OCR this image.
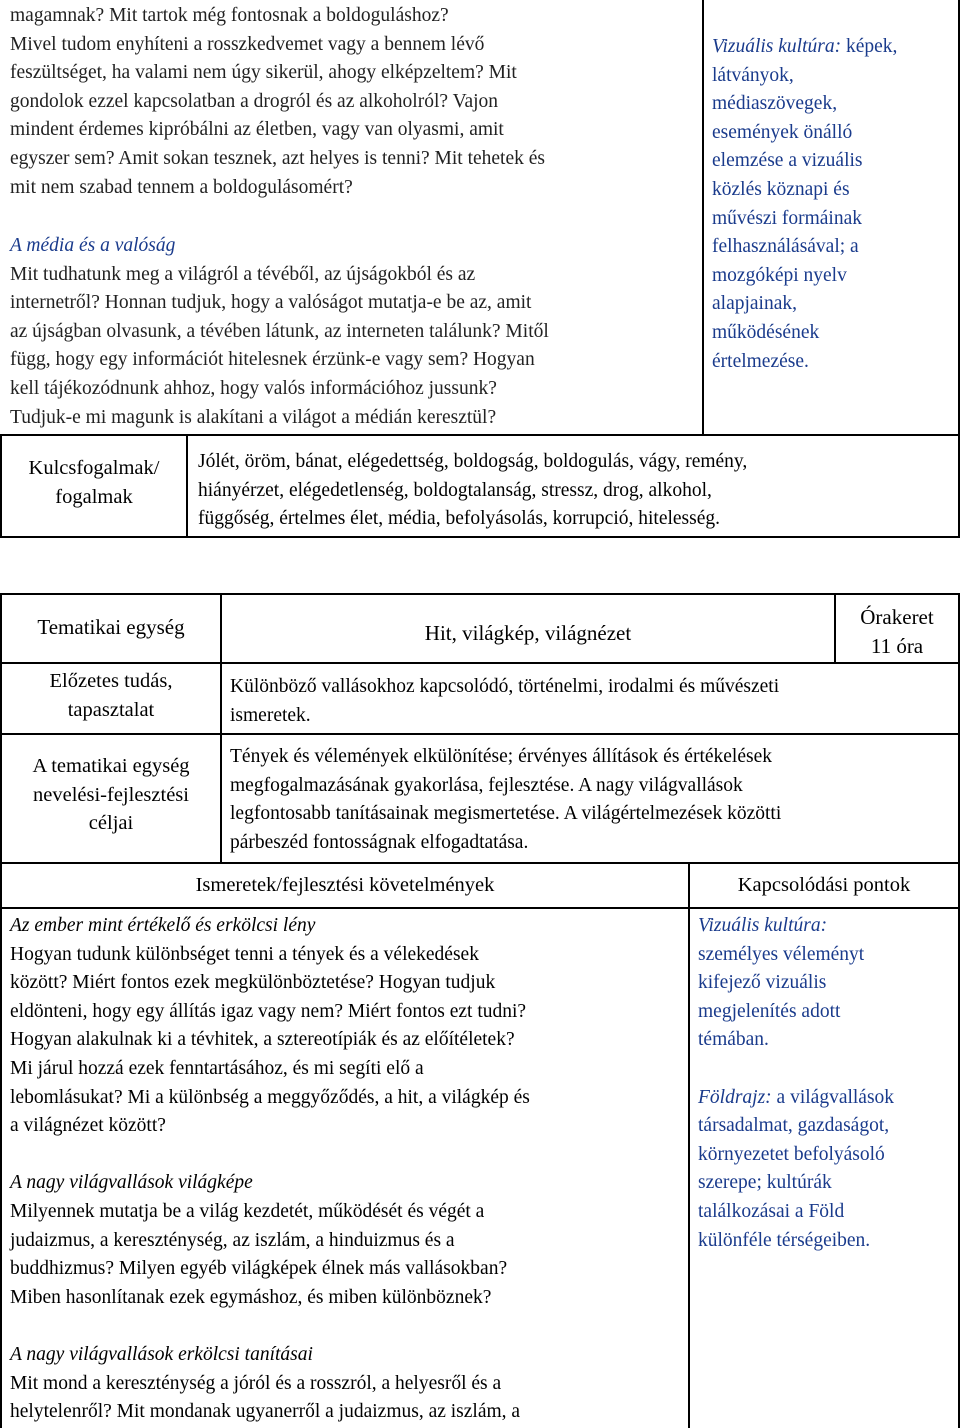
magamnak? Mit tartok még fontosnak a boldoguláshoz?

Mivel tudom enyhíteni a rosszkedvemet vagy a bennem lévő

feszültséget, ha valami nem úgy sikerül, ahogy elképzeltem? Mit

gondolok ezzel kapcsolatban a drogról és az alkoholról? Vajon

mindent érdemes kipróbálni az életben, vagy van olyasmi, amit

egyszer sem? Amit sokan tesznek, azt helyes is tenni? Mit tehetek és

mit nem szabad tennem a boldogulásomért?

A média és a valóság

Mit tudhatunk meg a világról a tévéből, az újságokból és az

internetről? Honnan tudjuk, hogy a valóságot mutatja-e be az, amit

az újságban olvasunk, a tévében látunk, az interneten találunk? Mitől

függ, hogy egy információt hitelesnek érzünk-e vagy sem? Hogyan

kell tájékozódnunk ahhoz, hogy valós információhoz jussunk?

Tudjuk-e mi magunk is alakítani a világot a médián keresztül?

Vizuális kultúra: képek,

látványok,

médiaszövegek,

események önálló

elemzése a vizuális

közlés köznapi és

művészi formáinak

felhasználásával; a

mozgóképi nyelv

alapjainak,

működésének

értelmezése.

Kulcsfogalmak/

fogalmak

Jólét, öröm, bánat, elégedettség, boldogság, boldogulás, vágy, remény,

hiányérzet, elégedetlenség, boldogtalanság, stressz, drog, alkohol,

függőség, értelmes élet, média, befolyásolás, korrupció, hitelesség.

Tematikai egység	Hit, világkép, világnézet

Órakeret

11 óra

Előzetes tudás,

tapasztalat

Különböző vallásokhoz kapcsolódó, történelmi, irodalmi és művészeti

ismeretek.

A tematikai egység

nevelési-fejlesztési

céljai

Tények és vélemények elkülönítése; érvényes állítások és értékelések

megfogalmazásának gyakorlása, fejlesztése. A nagy világvallások

legfontosabb tanításainak megismertetése. A világértelmezések közötti

párbeszéd fontosságnak elfogadtatása.

Ismeretek/fejlesztési követelmények	Kapcsolódási pontok

Az ember mint értékelő és erkölcsi lény

Hogyan tudunk különbséget tenni a tények és a vélekedések

között? Miért fontos ezek megkülönböztetése? Hogyan tudjuk

eldönteni, hogy egy állítás igaz vagy nem? Miért fontos ezt tudni?

Hogyan alakulnak ki a tévhitek, a sztereotípiák és az előítéletek?

Mi járul hozzá ezek fenntartásához, és mi segíti elő a

lebomlásukat? Mi a különbség a meggyőződés, a hit, a világkép és

a világnézet között?

A nagy világvallások világképe

Milyennek mutatja be a világ kezdetét, működését és végét a

judaizmus, a kereszténység, az iszlám, a hinduizmus és a

buddhizmus? Milyen egyéb világképek élnek más vallásokban?

Miben hasonlítanak ezek egymáshoz, és miben különböznek?

A nagy világvallások erkölcsi tanításai

Mit mond a kereszténység a jóról és a rosszról, a helyesről és a

helytelenről? Mit mondanak ugyanerről a judaizmus, az iszlám, a

Vizuális kultúra:

személyes véleményt

kifejező vizuális

megjelenítés adott

témában.

Földrajz: a világvallások

társadalmat, gazdaságot,

környezetet befolyásoló

szerepe; kultúrák

találkozásai a Föld

különféle térségeiben.
